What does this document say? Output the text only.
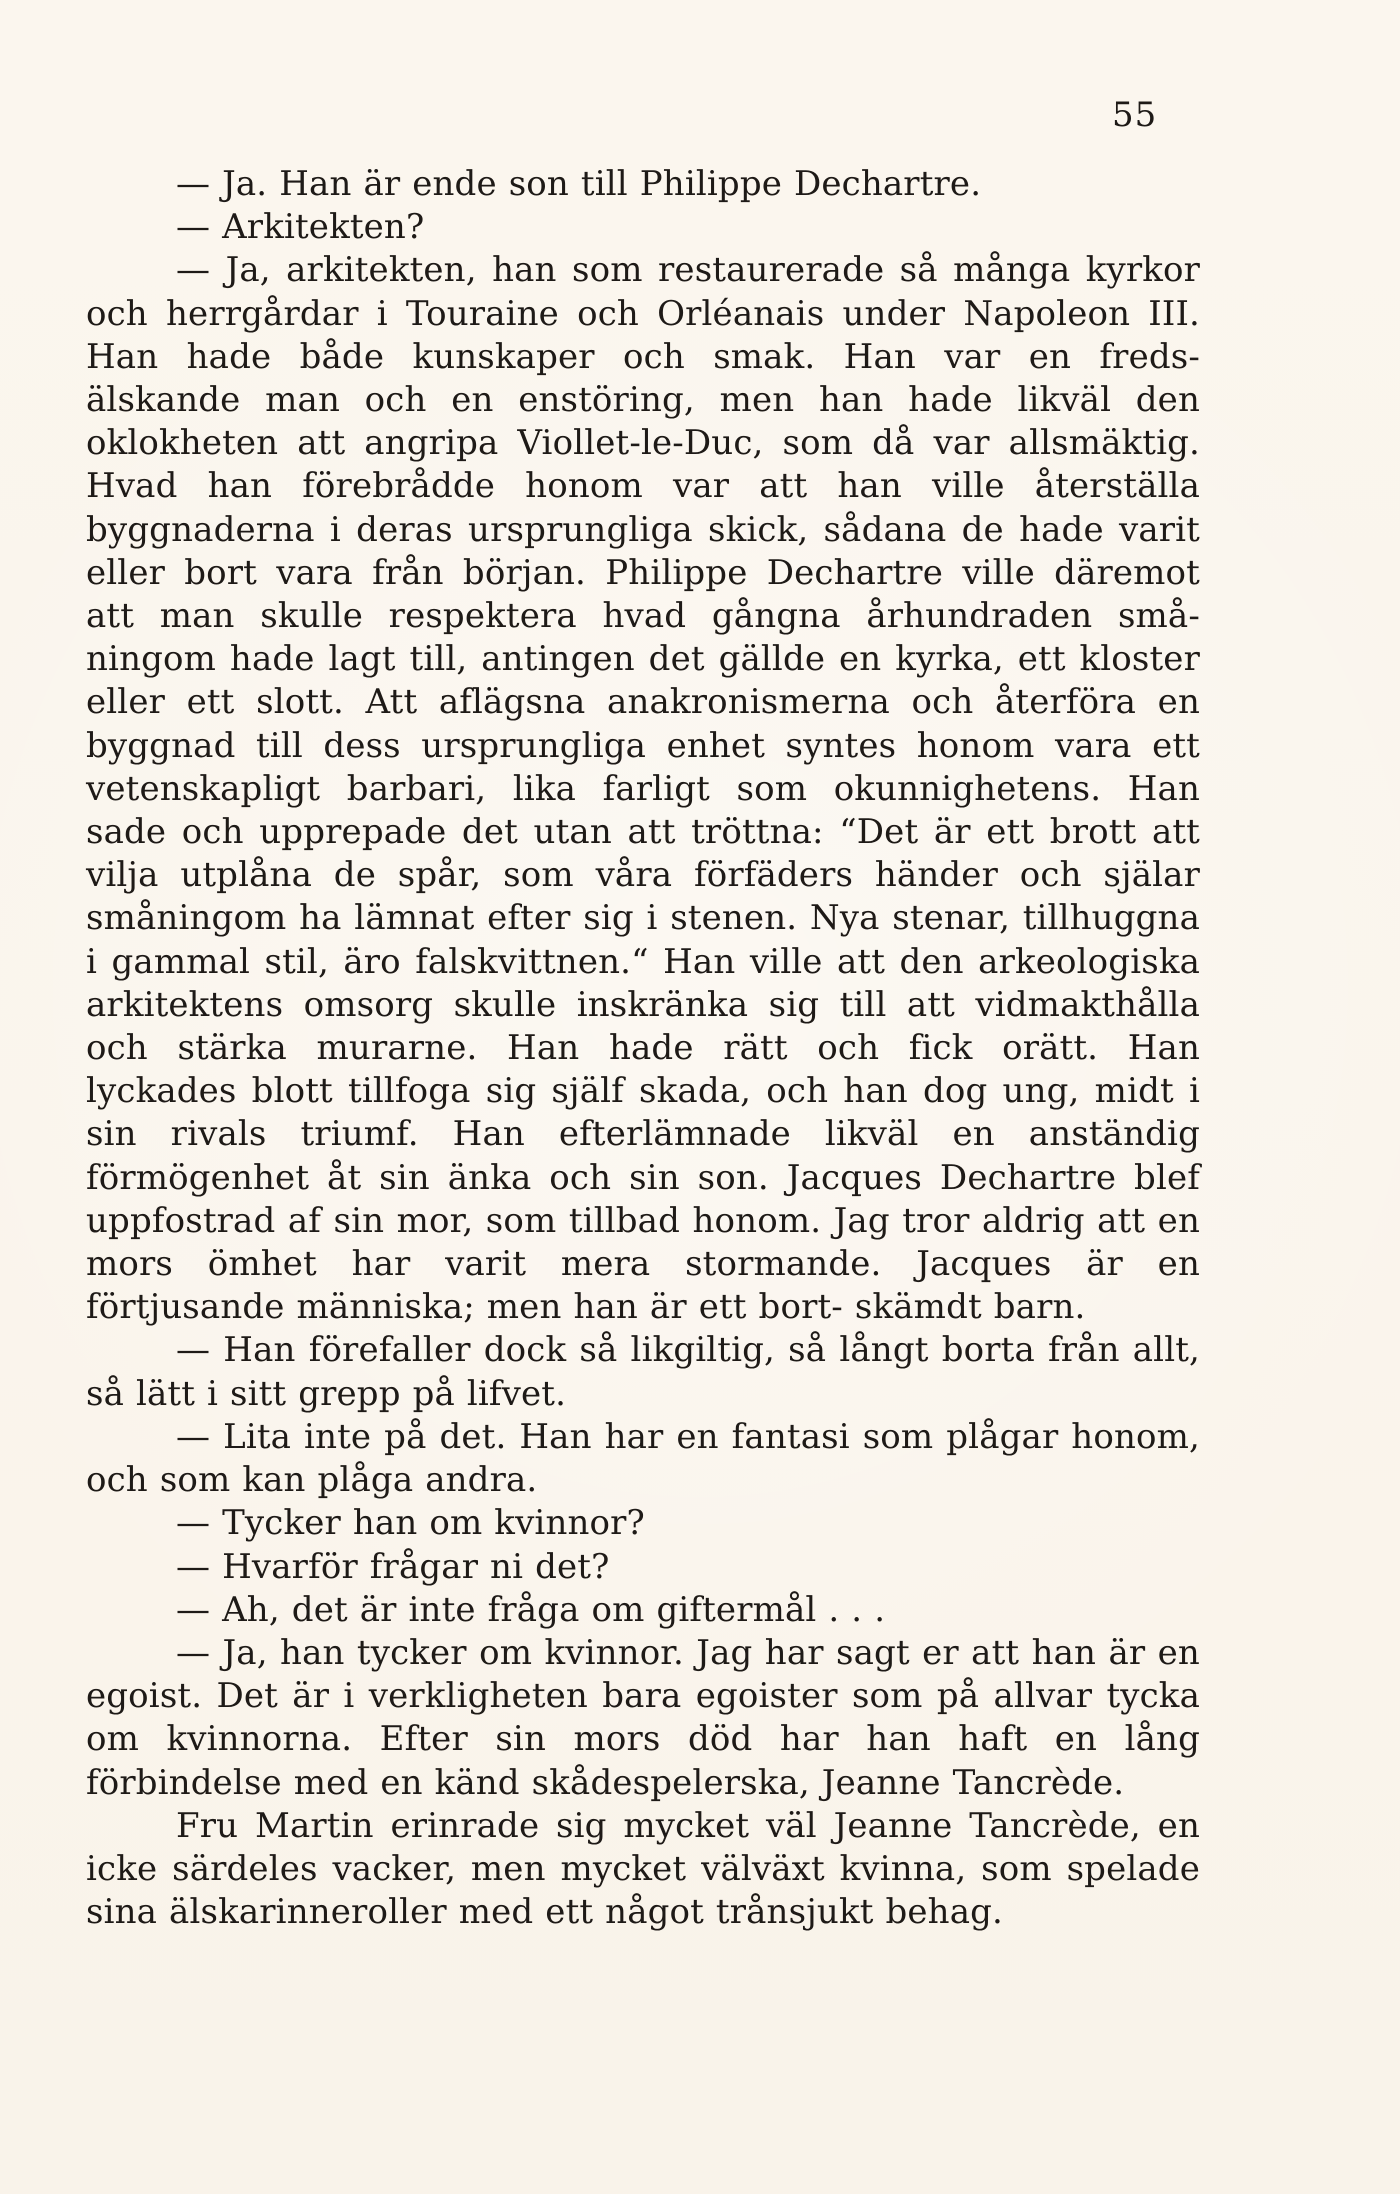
55

— Ja. Han är ende son till Philippe Dechartre.

— Arkitekten?

— Ja, arkitekten, han som restaurerade så många kyrkor och herrgårdar i Touraine och Orléanais under Napoleon III. Han hade både kunskaper och smak. Han var en freds- älskande man och en enstöring, men han hade likväl den oklokheten att angripa Viollet-le-Duc, som då var allsmäktig. Hvad han förebrådde honom var att han ville återställa byggnaderna i deras ursprungliga skick, sådana de hade varit eller bort vara från början. Philippe Dechartre ville däremot att man skulle respektera hvad gångna århundraden små- ningom hade lagt till, antingen det gällde en kyrka, ett kloster eller ett slott. Att aflägsna anakronismerna och återföra en byggnad till dess ursprungliga enhet syntes honom vara ett vetenskapligt barbari, lika farligt som okunnighetens. Han sade och upprepade det utan att tröttna: “Det är ett brott att vilja utplåna de spår, som våra förfäders händer och själar småningom ha lämnat efter sig i stenen. Nya stenar, tillhuggna i gammal stil, äro falskvittnen.“ Han ville att den arkeologiska arkitektens omsorg skulle inskränka sig till att vidmakthålla och stärka murarne. Han hade rätt och fick orätt. Han lyckades blott tillfoga sig själf skada, och han dog ung, midt i sin rivals triumf. Han efterlämnade likväl en anständig förmögenhet åt sin änka och sin son. Jacques Dechartre blef uppfostrad af sin mor, som tillbad honom. Jag tror aldrig att en mors ömhet har varit mera stormande. Jacques är en förtjusande människa; men han är ett bort- skämdt barn.

— Han förefaller dock så likgiltig, så långt borta från allt, så lätt i sitt grepp på lifvet.

— Lita inte på det. Han har en fantasi som plågar honom, och som kan plåga andra.

— Tycker han om kvinnor?

— Hvarför frågar ni det?

— Ah, det är inte fråga om giftermål . . .

— Ja, han tycker om kvinnor. Jag har sagt er att han är en egoist. Det är i verkligheten bara egoister som på allvar tycka om kvinnorna. Efter sin mors död har han haft en lång förbindelse med en känd skådespelerska, Jeanne Tancrède.

Fru Martin erinrade sig mycket väl Jeanne Tancrède, en icke särdeles vacker, men mycket välväxt kvinna, som spelade sina älskarinneroller med ett något trånsjukt behag.
